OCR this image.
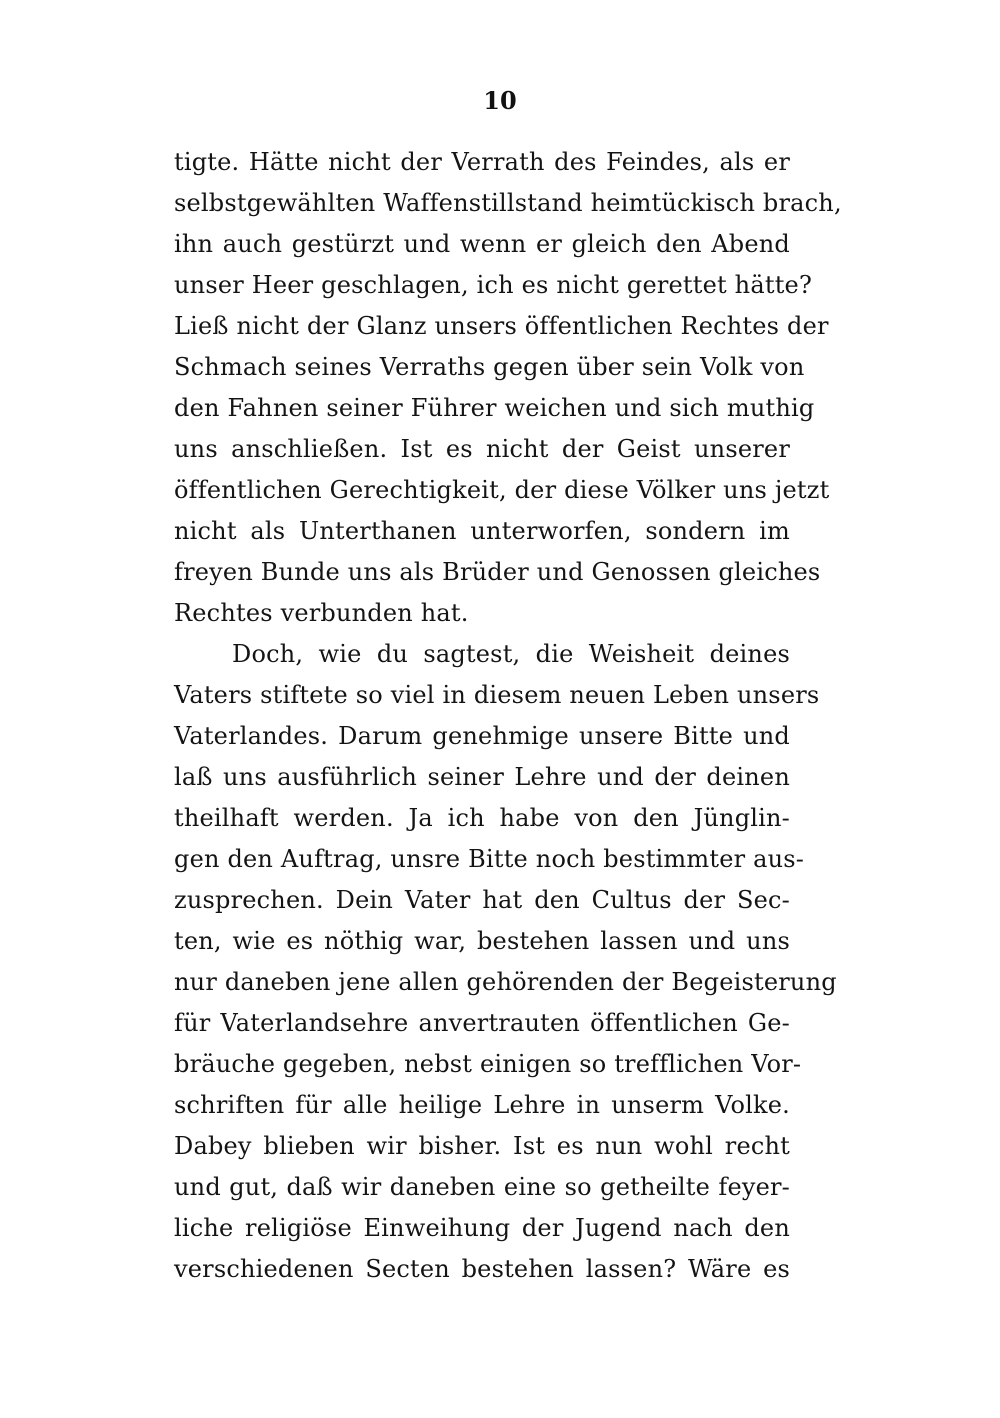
10
tigte. Hätte nicht der Verrath des Feindes, als er
selbstgewählten Waffenstillstand heimtückisch brach,
ihn auch gestürzt und wenn er gleich den Abend
unser Heer geschlagen, ich es nicht gerettet hätte?
Ließ nicht der Glanz unsers öffentlichen Rechtes der
Schmach seines Verraths gegen über sein Volk von
den Fahnen seiner Führer weichen und sich muthig
uns anschließen. Ist es nicht der Geist unserer
öffentlichen Gerechtigkeit, der diese Völker uns jetzt
nicht als Unterthanen unterworfen, sondern im
freyen Bunde uns als Brüder und Genossen gleiches
Rechtes verbunden hat.
Doch, wie du sagtest, die Weisheit deines
Vaters stiftete so viel in diesem neuen Leben unsers
Vaterlandes. Darum genehmige unsere Bitte und
laß uns ausführlich seiner Lehre und der deinen
theilhaft werden. Ja ich habe von den Jünglin-
gen den Auftrag, unsre Bitte noch bestimmter aus-
zusprechen. Dein Vater hat den Cultus der Sec-
ten, wie es nöthig war, bestehen lassen und uns
nur daneben jene allen gehörenden der Begeisterung
für Vaterlandsehre anvertrauten öffentlichen Ge-
bräuche gegeben, nebst einigen so trefflichen Vor-
schriften für alle heilige Lehre in unserm Volke.
Dabey blieben wir bisher. Ist es nun wohl recht
und gut, daß wir daneben eine so getheilte feyer-
liche religiöse Einweihung der Jugend nach den
verschiedenen Secten bestehen lassen? Wäre es
